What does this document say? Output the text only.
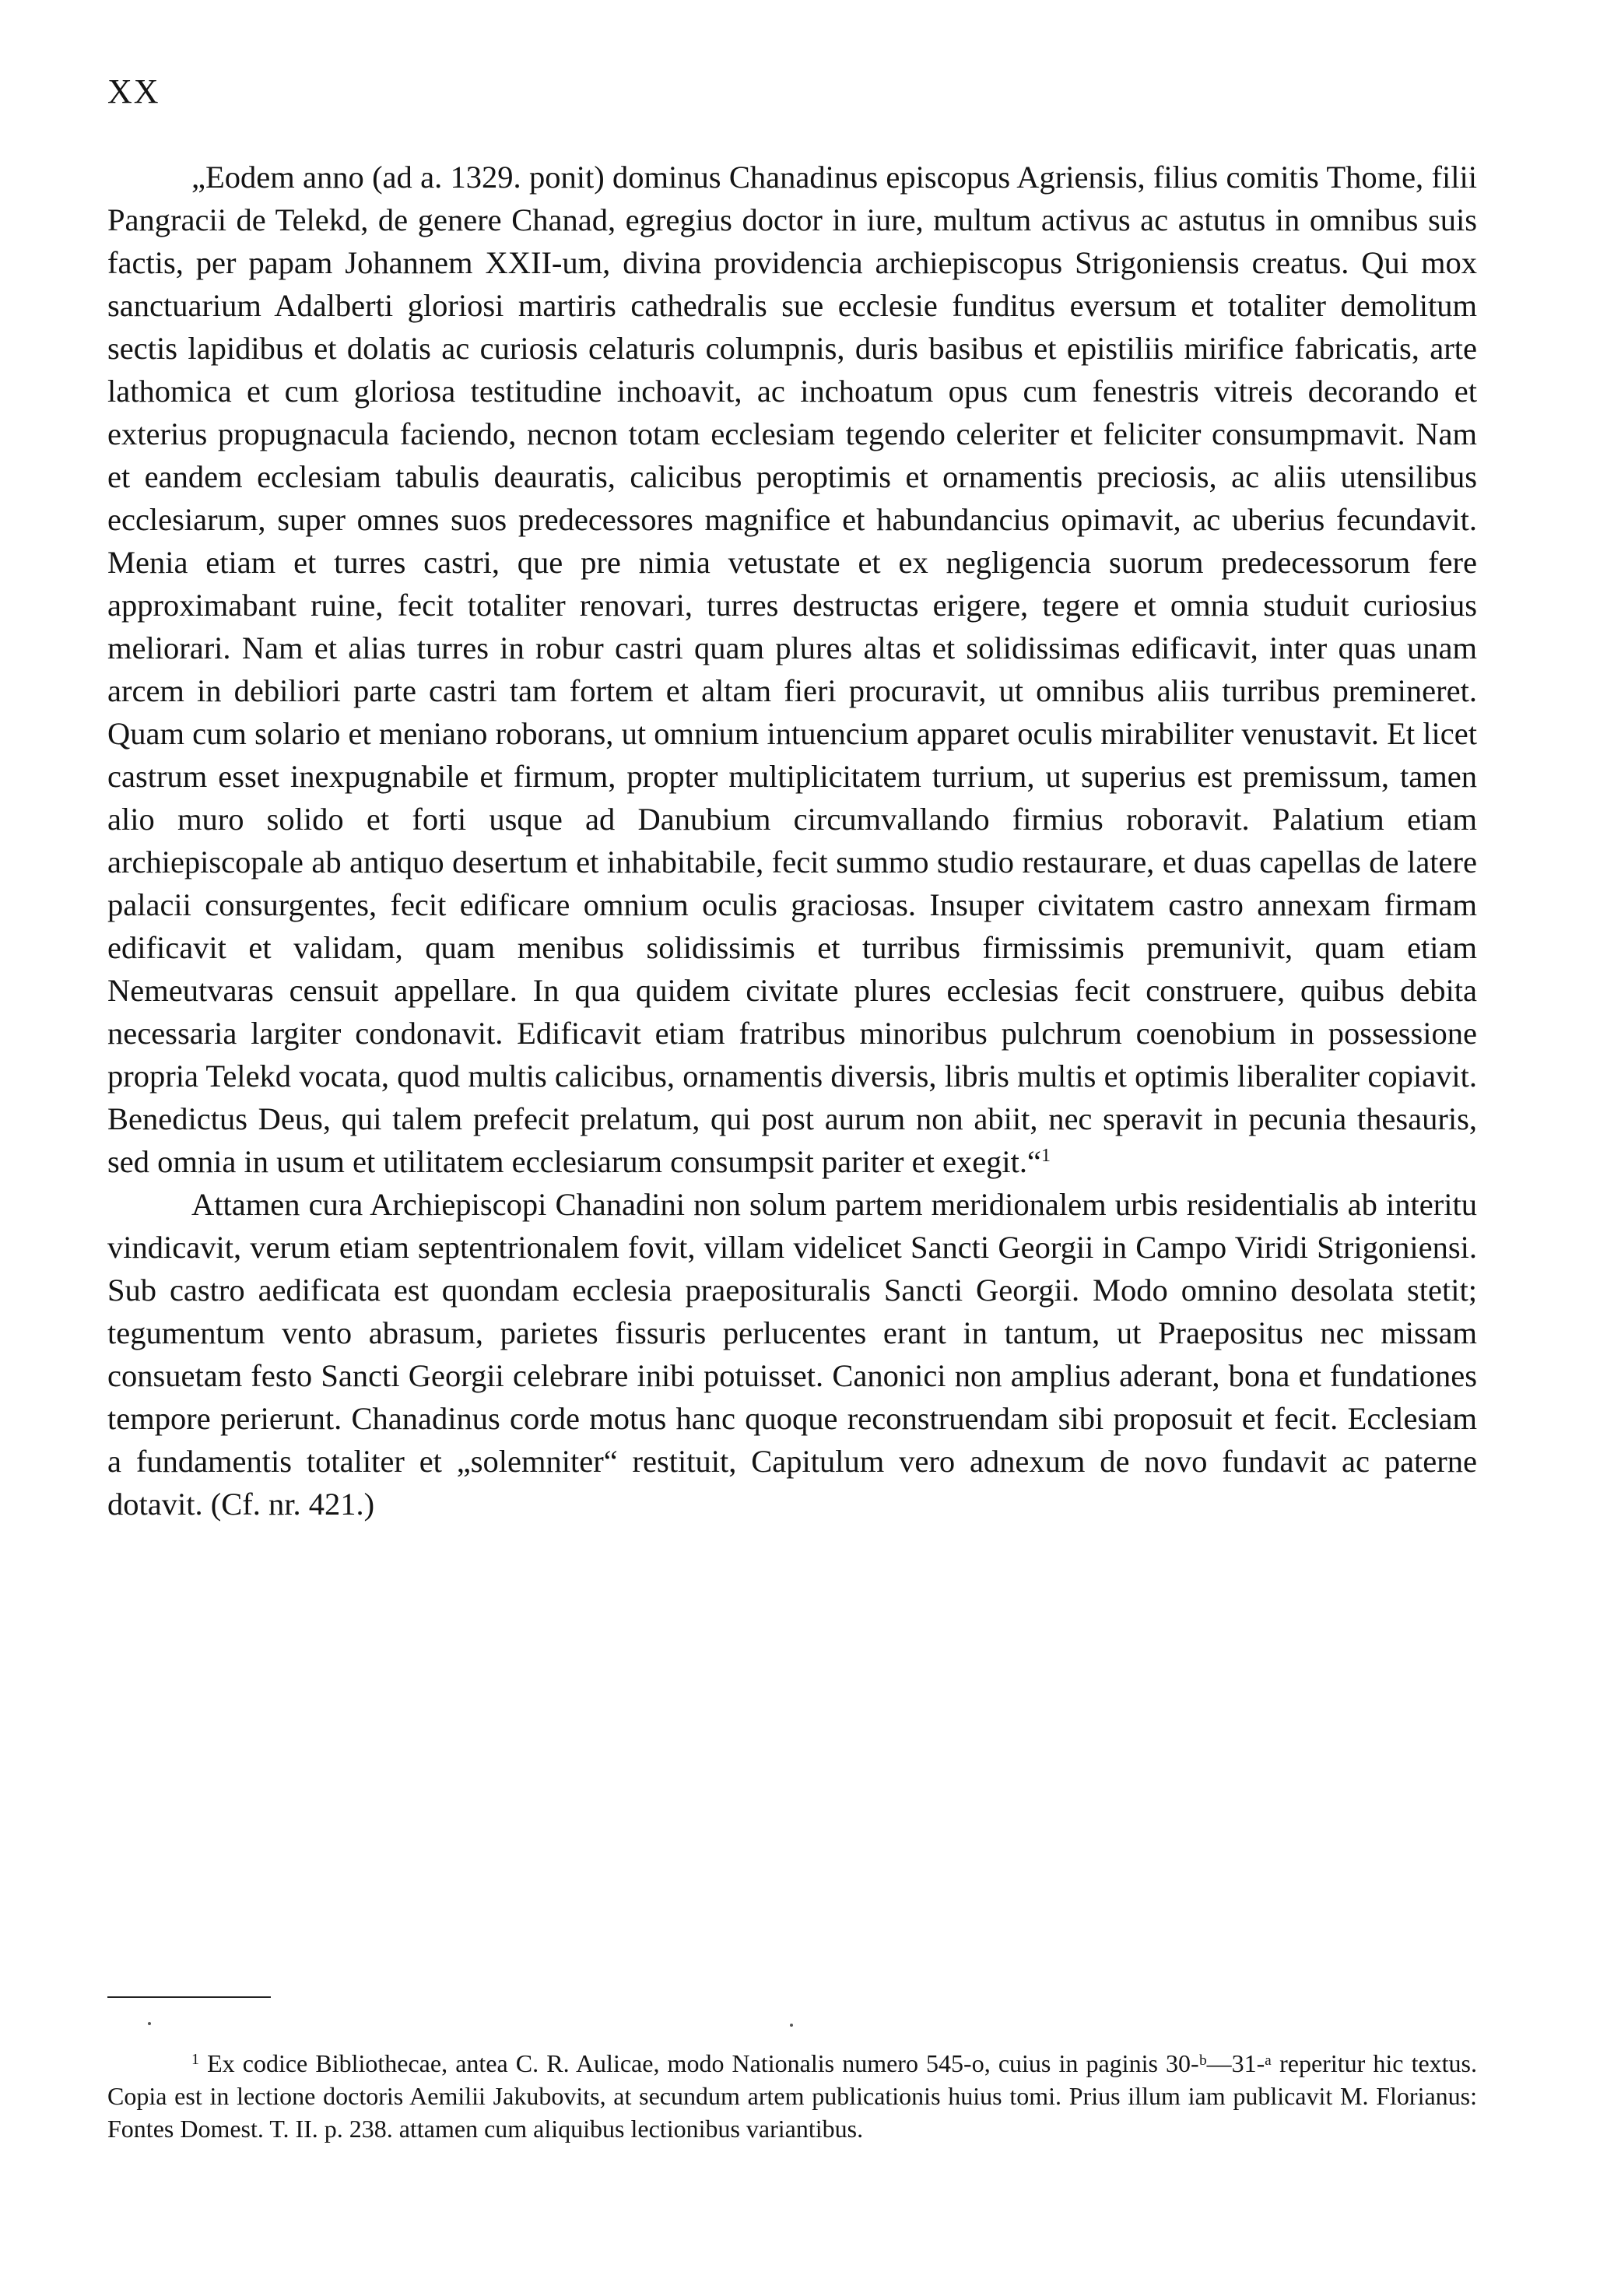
XX

„Eodem anno (ad a. 1329. ponit) dominus Chanadinus episcopus Agriensis, filius comitis Thome, filii Pangracii de Telekd, de genere Chanad, egregius doctor in iure, multum activus ac astutus in omnibus suis factis, per papam Johannem XXII-um, divina providencia archiepiscopus Strigoniensis creatus. Qui mox sanctuarium Adalberti gloriosi martiris cathedralis sue ecclesie funditus eversum et totaliter demolitum sectis lapidibus et dolatis ac curiosis celaturis columpnis, duris basibus et epistiliis mirifice fabricatis, arte lathomica et cum gloriosa testitudine inchoavit, ac inchoatum opus cum fenestris vitreis decorando et exterius propugnacula faciendo, necnon totam ecclesiam tegendo celeriter et feliciter consumpmavit. Nam et eandem ecclesiam tabulis deauratis, calicibus peroptimis et ornamentis preciosis, ac aliis utensilibus ecclesiarum, super omnes suos predecessores magnifice et habundancius opimavit, ac uberius fecundavit. Menia etiam et turres castri, que pre nimia vetustate et ex negligencia suorum predecessorum fere approximabant ruine, fecit totaliter renovari, turres destructas erigere, tegere et omnia studuit curiosius meliorari. Nam et alias turres in robur castri quam plures altas et solidissimas edificavit, inter quas unam arcem in debiliori parte castri tam fortem et altam fieri procuravit, ut omnibus aliis turribus premineret. Quam cum solario et meniano roborans, ut omnium intuencium apparet oculis mirabiliter venustavit. Et licet castrum esset inexpugnabile et firmum, propter multiplicitatem turrium, ut superius est premissum, tamen alio muro solido et forti usque ad Danubium circumvallando firmius roboravit. Palatium etiam archiepiscopale ab antiquo desertum et inhabitabile, fecit summo studio restaurare, et duas capellas de latere palacii consurgentes, fecit edificare omnium oculis graciosas. Insuper civitatem castro annexam firmam edificavit et validam, quam menibus solidissimis et turribus firmissimis premunivit, quam etiam Nemeutvaras censuit appellare. In qua quidem civitate plures ecclesias fecit construere, quibus debita necessaria largiter condonavit. Edificavit etiam fratribus minoribus pulchrum coenobium in possessione propria Telekd vocata, quod multis calicibus, ornamentis diversis, libris multis et optimis liberaliter copiavit. Benedictus Deus, qui talem prefecit prelatum, qui post aurum non abiit, nec speravit in pecunia thesauris, sed omnia in usum et utilitatem ecclesiarum consumpsit pariter et exegit.“$^1$

Attamen cura Archiepiscopi Chanadini non solum partem meridionalem urbis residentialis ab interitu vindicavit, verum etiam septentrionalem fovit, villam videlicet Sancti Georgii in Campo Viridi Strigoniensi. Sub castro aedificata est quondam ecclesia praeposituralis Sancti Georgii. Modo omnino desolata stetit; tegumentum vento abrasum, parietes fissuris perlucentes erant in tantum, ut Praepositus nec missam consuetam festo Sancti Georgii celebrare inibi potuisset. Canonici non amplius aderant, bona et fundationes tempore perierunt. Chanadinus corde motus hanc quoque reconstruendam sibi proposuit et fecit. Ecclesiam a fundamentis totaliter et „solemniter“ restituit, Capitulum vero adnexum de novo fundavit ac paterne dotavit. (Cf. nr. 421.)

$^1$ Ex codice Bibliothecae, antea C. R. Aulicae, modo Nationalis numero 545-o, cuius in paginis 30-ᵇ—31-ᵃ reperitur hic textus. Copia est in lectione doctoris Aemilii Jakubovits, at secundum artem publicationis huius tomi. Prius illum iam publicavit M. Florianus: Fontes Domest. T. II. p. 238. attamen cum aliquibus lectionibus variantibus.
